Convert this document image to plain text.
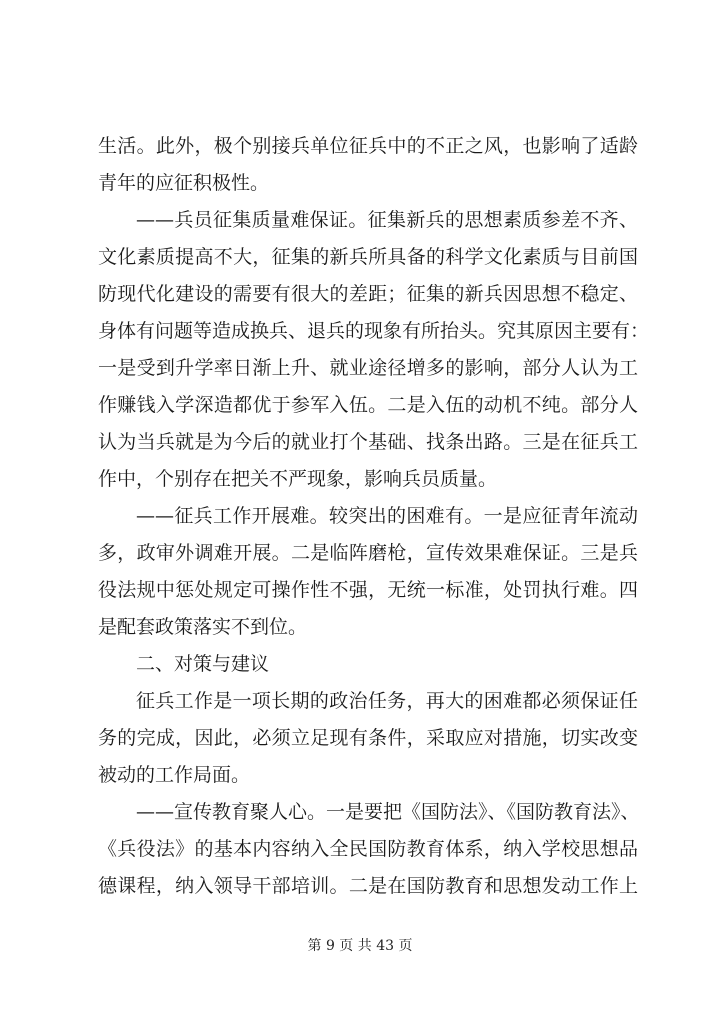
生活。此外，极个别接兵单位征兵中的不正之风，也影响了适龄
青年的应征积极性。
——兵员征集质量难保证。征集新兵的思想素质参差不齐、
文化素质提高不大，征集的新兵所具备的科学文化素质与目前国
防现代化建设的需要有很大的差距；征集的新兵因思想不稳定、
身体有问题等造成换兵、退兵的现象有所抬头。究其原因主要有：
一是受到升学率日渐上升、就业途径增多的影响，部分人认为工
作赚钱入学深造都优于参军入伍。二是入伍的动机不纯。部分人
认为当兵就是为今后的就业打个基础、找条出路。三是在征兵工
作中，个别存在把关不严现象，影响兵员质量。
——征兵工作开展难。较突出的困难有。一是应征青年流动
多，政审外调难开展。二是临阵磨枪，宣传效果难保证。三是兵
役法规中惩处规定可操作性不强，无统一标准，处罚执行难。四
是配套政策落实不到位。
二、对策与建议
征兵工作是一项长期的政治任务，再大的困难都必须保证任
务的完成，因此，必须立足现有条件，采取应对措施，切实改变
被动的工作局面。
——宣传教育聚人心。一是要把《国防法》、《国防教育法》、
《兵役法》的基本内容纳入全民国防教育体系，纳入学校思想品
德课程，纳入领导干部培训。二是在国防教育和思想发动工作上
第 9 页 共 43 页
